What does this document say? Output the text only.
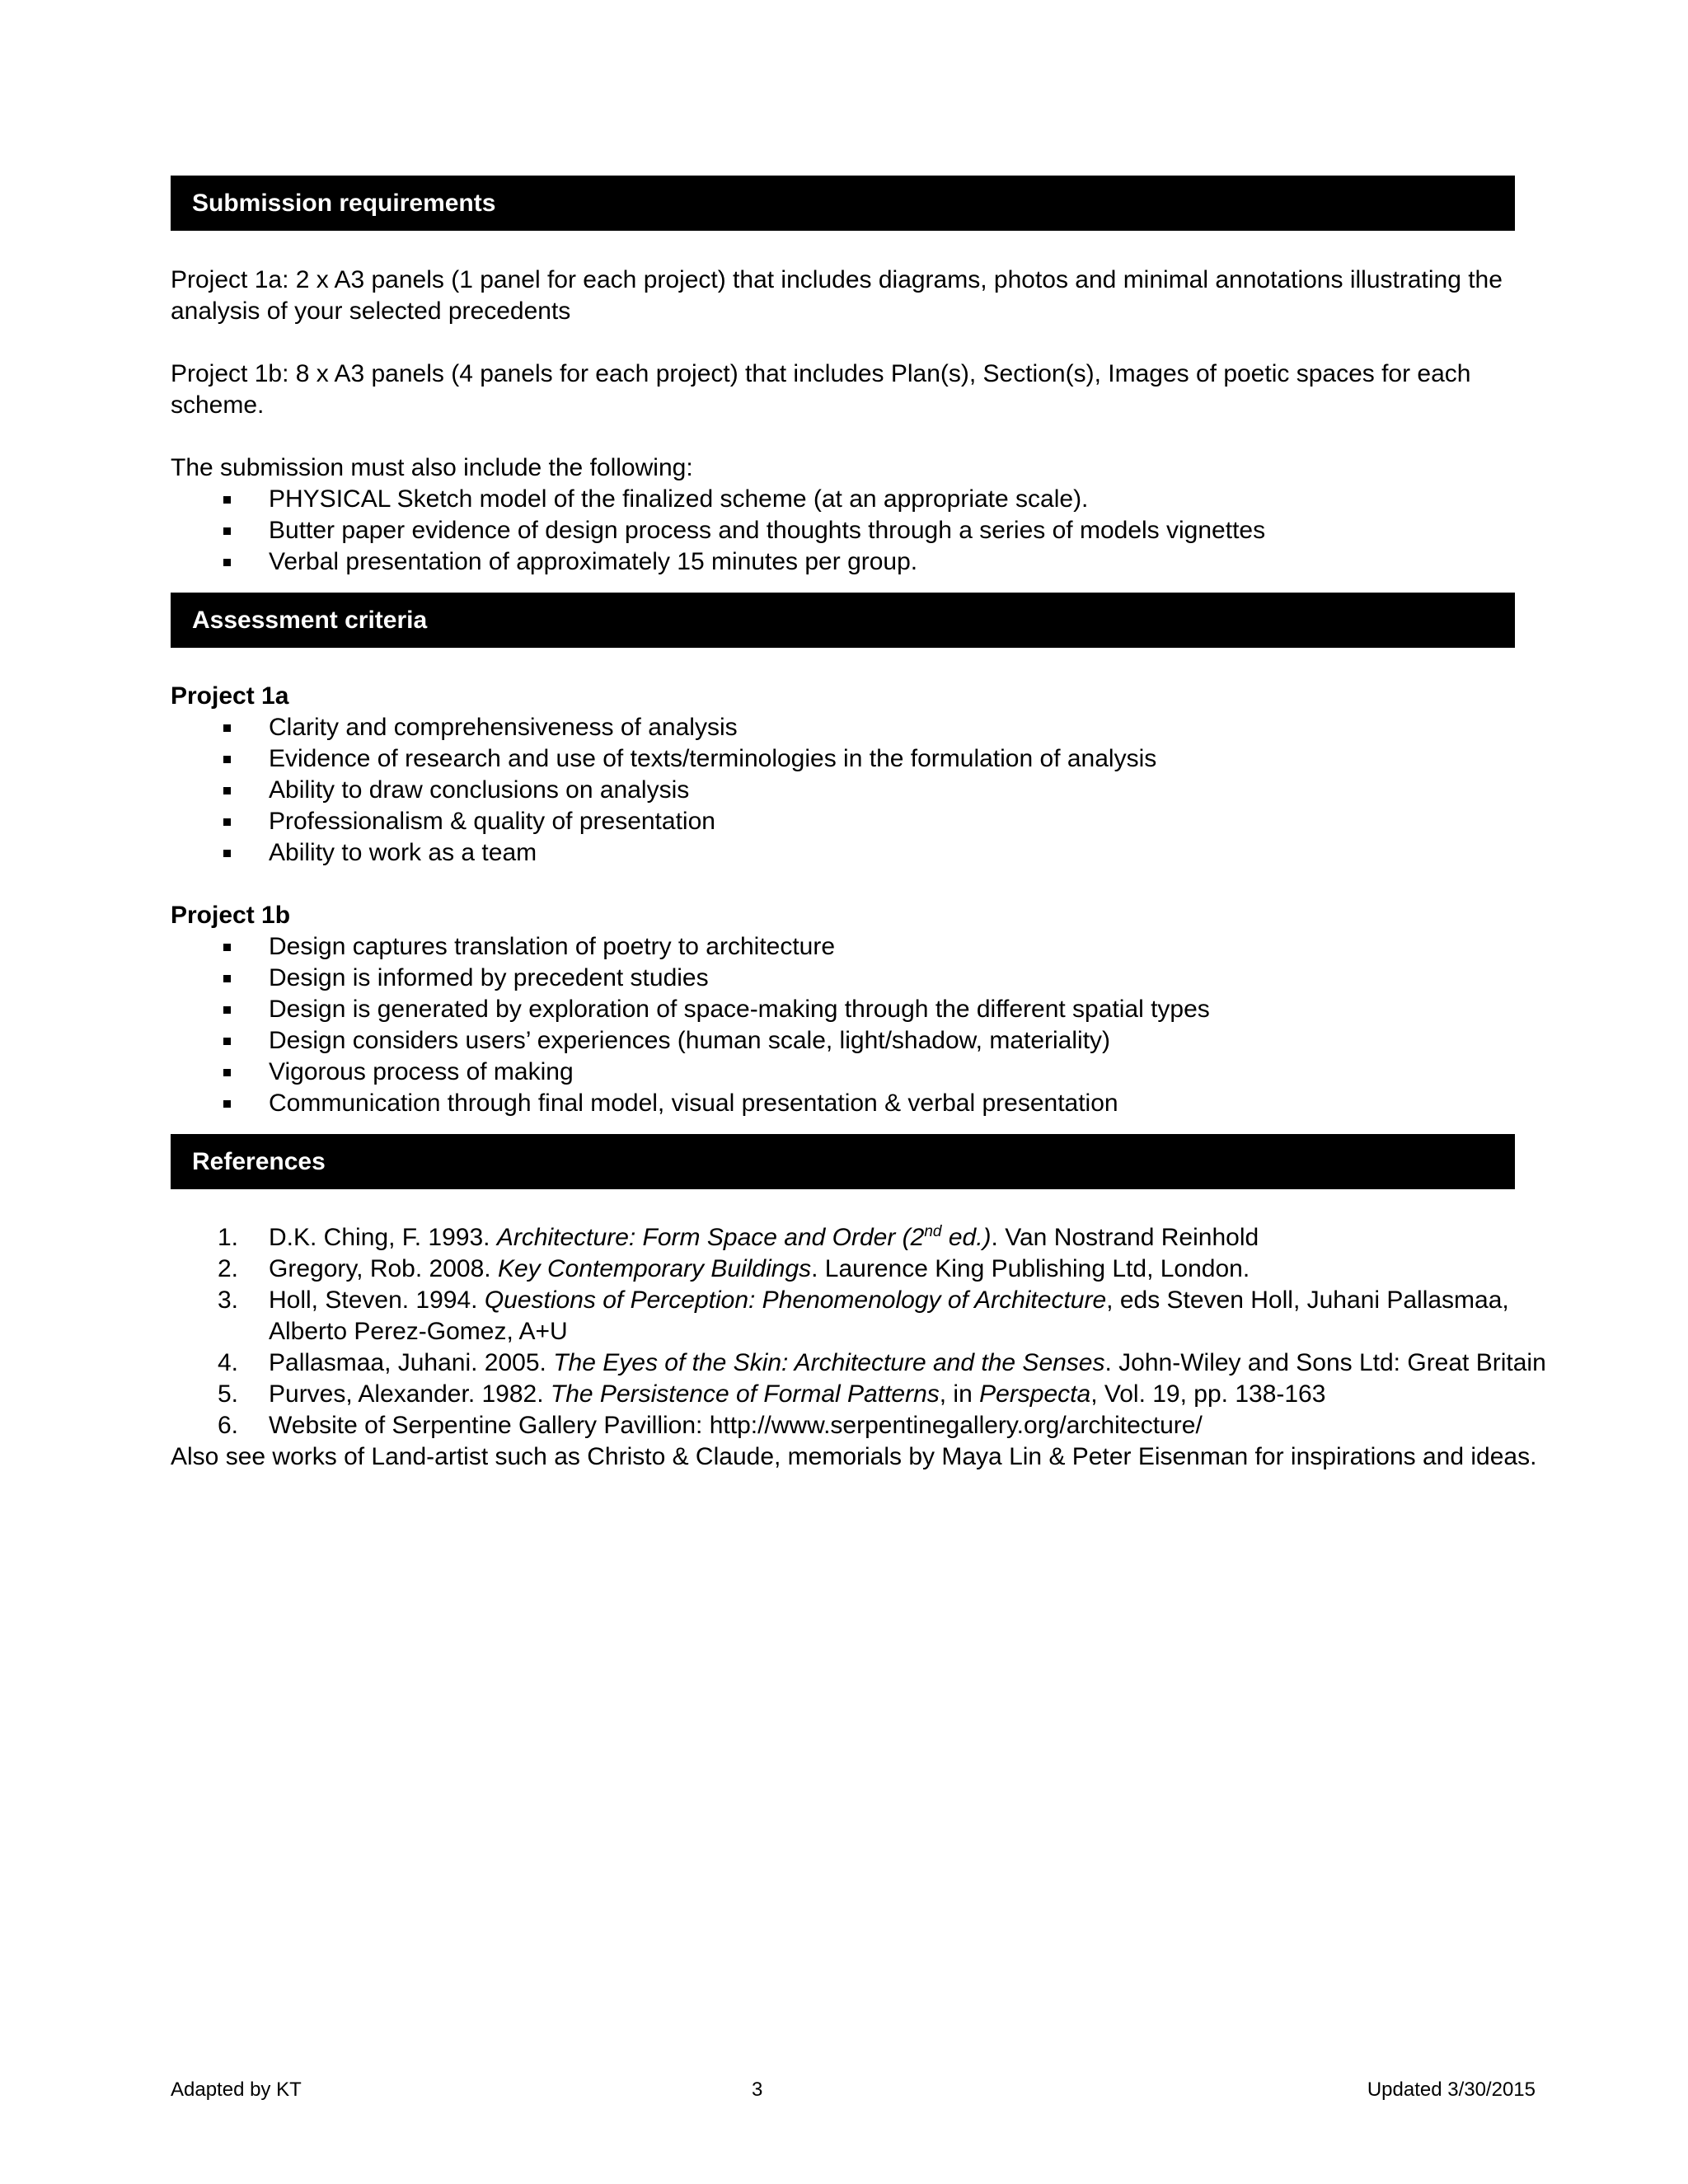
Submission requirements

Project 1a: 2 x A3 panels (1 panel for each project) that includes diagrams, photos and minimal annotations illustrating the analysis of your selected precedents

Project 1b: 8 x A3 panels (4 panels for each project) that includes Plan(s), Section(s), Images of poetic spaces for each scheme.

The submission must also include the following:

PHYSICAL Sketch model of the finalized scheme (at an appropriate scale).
Butter paper evidence of design process and thoughts through a series of models vignettes
Verbal presentation of approximately 15 minutes per group.
Assessment criteria

Project 1a

Clarity and comprehensiveness of analysis
Evidence of research and use of texts/terminologies in the formulation of analysis
Ability to draw conclusions on analysis
Professionalism & quality of presentation
Ability to work as a team

Project 1b

Design captures translation of poetry to architecture
Design is informed by precedent studies
Design is generated by exploration of space-making through the different spatial types
Design considers users’ experiences (human scale, light/shadow, materiality)
Vigorous process of making
Communication through final model, visual presentation & verbal presentation
References
1. D.K. Ching, F. 1993. Architecture: Form Space and Order (2nd ed.). Van Nostrand Reinhold
2. Gregory, Rob. 2008. Key Contemporary Buildings. Laurence King Publishing Ltd, London.
3. Holl, Steven. 1994. Questions of Perception: Phenomenology of Architecture, eds Steven Holl, Juhani Pallasmaa, Alberto Perez-Gomez, A+U
4. Pallasmaa, Juhani. 2005. The Eyes of the Skin: Architecture and the Senses. John-Wiley and Sons Ltd: Great Britain
5. Purves, Alexander. 1982. The Persistence of Formal Patterns, in Perspecta, Vol. 19, pp. 138-163
6. Website of Serpentine Gallery Pavillion: http://www.serpentinegallery.org/architecture/

Also see works of Land-artist such as Christo & Claude, memorials by Maya Lin & Peter Eisenman for inspirations and ideas.

Adapted by KT	3	Updated 3/30/2015
